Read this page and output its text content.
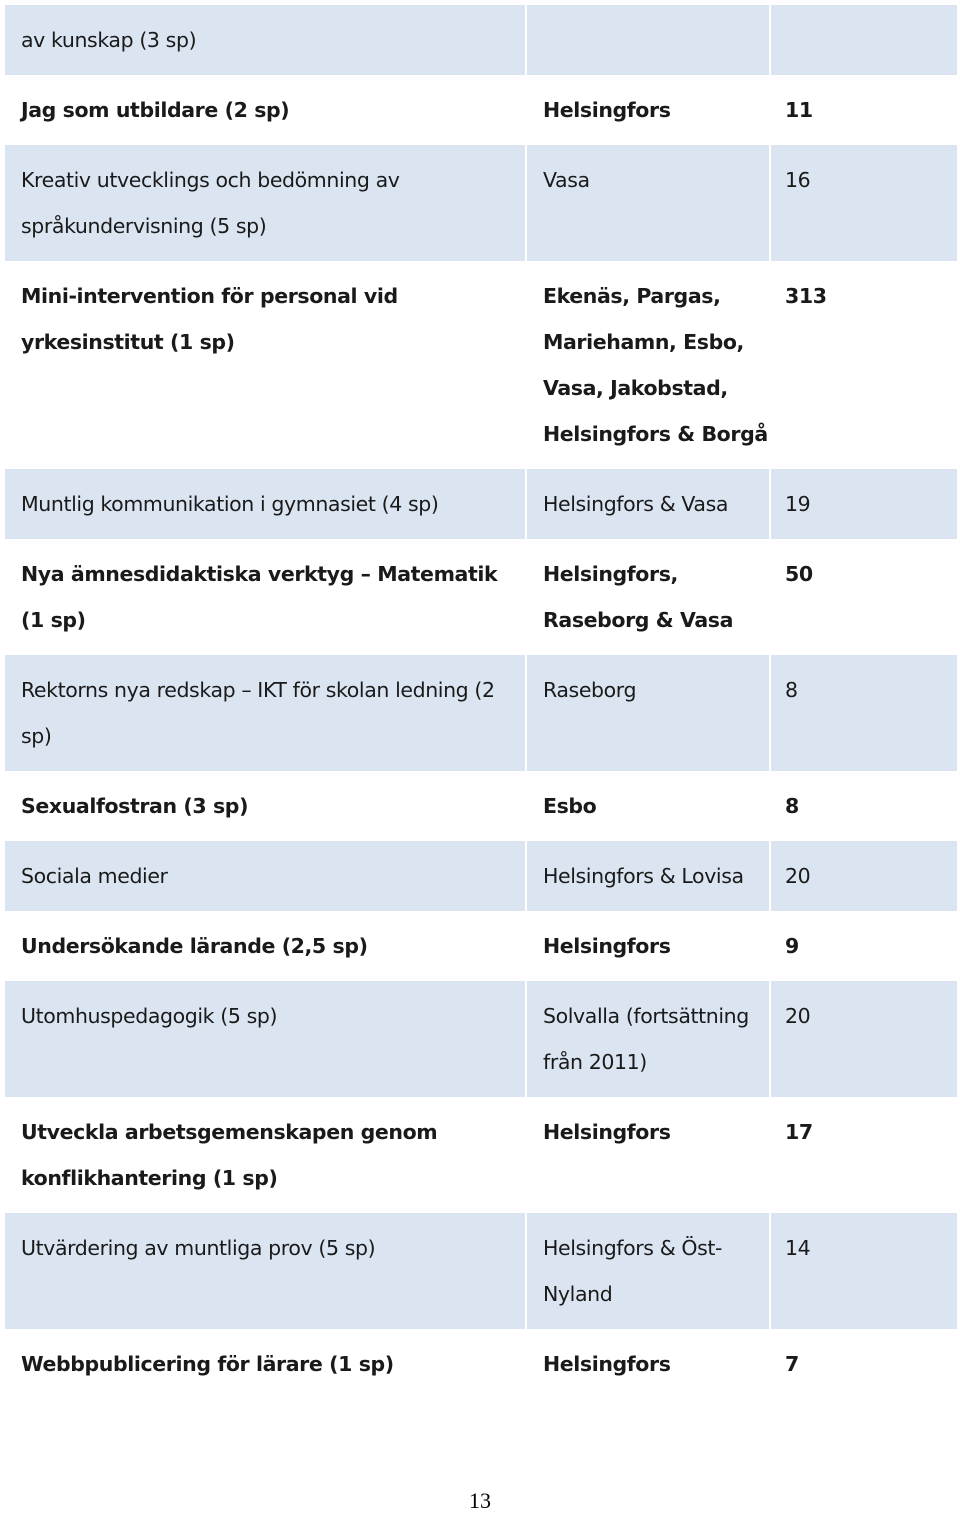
av kunskap (3 sp)		
Jag som utbildare (2 sp)	Helsingfors	11
Kreativ utvecklings och bedömning av språkundervisning (5 sp)	Vasa	16
Mini-intervention för personal vid yrkesinstitut (1 sp)	Ekenäs, Pargas, Mariehamn, Esbo, Vasa, Jakobstad, Helsingfors & Borgå	313
Muntlig kommunikation i gymnasiet (4 sp)	Helsingfors & Vasa	19
Nya ämnesdidaktiska verktyg – Matematik (1 sp)	Helsingfors, Raseborg & Vasa	50
Rektorns nya redskap – IKT för skolan ledning (2 sp)	Raseborg	8
Sexualfostran (3 sp)	Esbo	8
Sociala medier	Helsingfors & Lovisa	20
Undersökande lärande (2,5 sp)	Helsingfors	9
Utomhuspedagogik (5 sp)	Solvalla (fortsättning från 2011)	20
Utveckla arbetsgemenskapen genom konflikhantering (1 sp)	Helsingfors	17
Utvärdering av muntliga prov (5 sp)	Helsingfors & Öst-Nyland	14
Webbpublicering för lärare (1 sp)	Helsingfors	7
13
